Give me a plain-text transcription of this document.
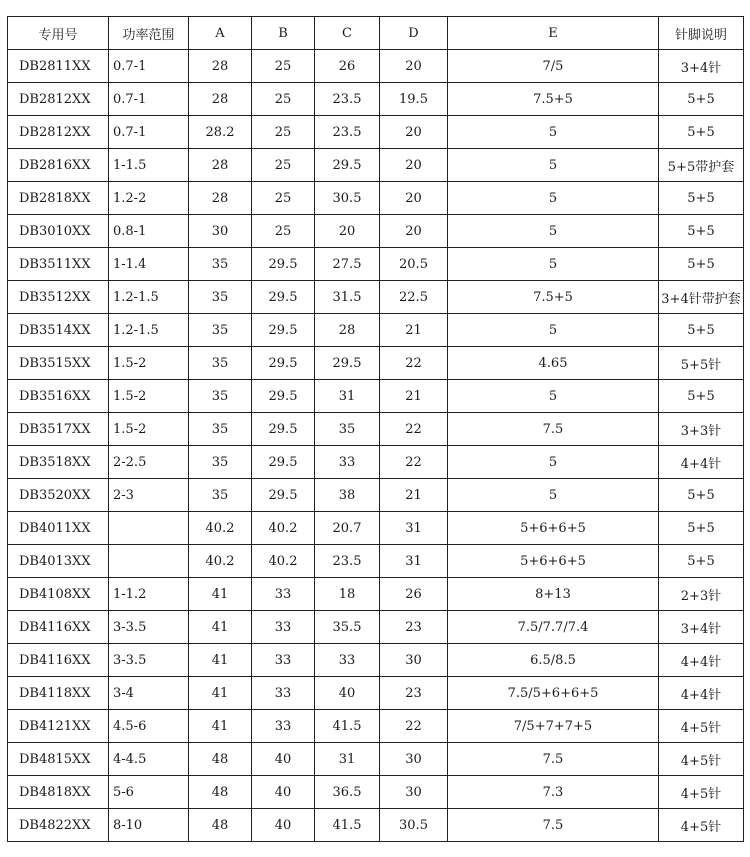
专用号	功率范围	A	B	C	D	E	针脚说明
DB2811XX	0.7-1	28	25	26	20	7/5	3+4针
DB2812XX	0.7-1	28	25	23.5	19.5	7.5+5	5+5
DB2812XX	0.7-1	28.2	25	23.5	20	5	5+5
DB2816XX	1-1.5	28	25	29.5	20	5	5+5带护套
DB2818XX	1.2-2	28	25	30.5	20	5	5+5
DB3010XX	0.8-1	30	25	20	20	5	5+5
DB3511XX	1-1.4	35	29.5	27.5	20.5	5	5+5
DB3512XX	1.2-1.5	35	29.5	31.5	22.5	7.5+5	3+4针带护套
DB3514XX	1.2-1.5	35	29.5	28	21	5	5+5
DB3515XX	1.5-2	35	29.5	29.5	22	4.65	5+5针
DB3516XX	1.5-2	35	29.5	31	21	5	5+5
DB3517XX	1.5-2	35	29.5	35	22	7.5	3+3针
DB3518XX	2-2.5	35	29.5	33	22	5	4+4针
DB3520XX	2-3	35	29.5	38	21	5	5+5
DB4011XX		40.2	40.2	20.7	31	5+6+6+5	5+5
DB4013XX		40.2	40.2	23.5	31	5+6+6+5	5+5
DB4108XX	1-1.2	41	33	18	26	8+13	2+3针
DB4116XX	3-3.5	41	33	35.5	23	7.5/7.7/7.4	3+4针
DB4116XX	3-3.5	41	33	33	30	6.5/8.5	4+4针
DB4118XX	3-4	41	33	40	23	7.5/5+6+6+5	4+4针
DB4121XX	4.5-6	41	33	41.5	22	7/5+7+7+5	4+5针
DB4815XX	4-4.5	48	40	31	30	7.5	4+5针
DB4818XX	5-6	48	40	36.5	30	7.3	4+5针
DB4822XX	8-10	48	40	41.5	30.5	7.5	4+5针
